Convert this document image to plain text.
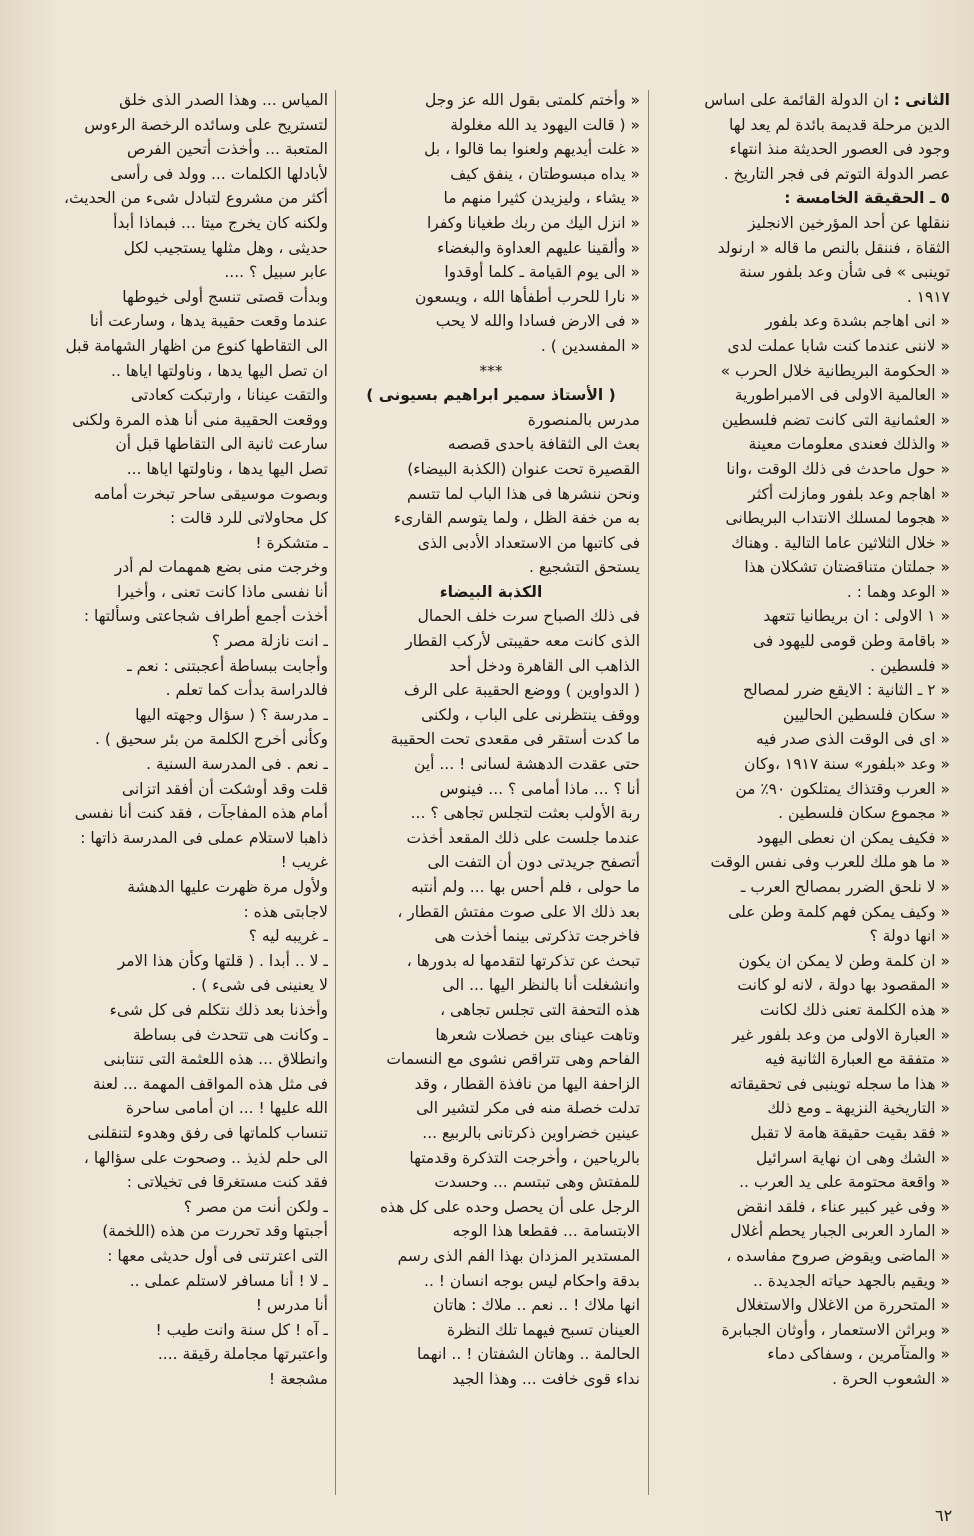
الثانى : ان الدولة القائمة على اساس

الدين مرحلة قديمة بائدة لم يعد لها

وجود فى العصور الحديثة منذ انتهاء

عصر الدولة التوتم فى فجر التاريخ .

٥ ـ الحقيقة الخامسة :

ننقلها عن أحد المؤرخين الانجليز

الثقاة ، فننقل بالنص ما قاله « ارنولد

توينبى » فى شأن وعد بلفور سنة

١٩١٧ .

« انى اهاجم بشدة وعد بلفور

« لاننى عندما كنت شابا عملت لدى

« الحكومة البريطانية خلال الحرب »

« العالمية الاولى فى الامبراطورية

« العثمانية التى كانت تضم فلسطين

« والذلك فعندى معلومات معينة

« حول ماحدث فى ذلك الوقت ،وانا

« اهاجم وعد بلفور ومازلت أكثر

« هجوما لمسلك الانتداب البريطانى

« خلال الثلاثين عاما التالية . وهناك

« جملتان متناقضتان تشكلان هذا

« الوعد وهما : .

« ١ الاولى : ان بريطانيا تتعهد

« باقامة وطن قومى لليهود فى

« فلسطين .

« ٢ ـ الثانية : الايقع ضرر لمصالح

« سكان فلسطين الحاليين

« اى فى الوقت الذى صدر فيه

« وعد «بلفور» سنة ١٩١٧ ،وكان

« العرب وقتذاك يمتلكون ٩٠٪ من

« مجموع سكان فلسطين .

« فكيف يمكن ان نعطى اليهود

« ما هو ملك للعرب وفى نفس الوقت

« لا نلحق الضرر بمصالح العرب ـ

« وكيف يمكن فهم كلمة وطن على

« انها دولة ؟

« ان كلمة وطن لا يمكن ان يكون

« المقصود بها دولة ، لانه لو كانت

« هذه الكلمة تعنى ذلك لكانت

« العبارة الاولى من وعد بلفور غير

« متفقة مع العبارة الثانية فيه

« هذا ما سجله توينبى فى تحقيقاته

« التاريخية النزيهة ـ ومع ذلك

« فقد بقيت حقيقة هامة لا تقبل

« الشك وهى ان نهاية اسرائيل

« واقعة محتومة على يد العرب ..

« وفى غير كبير عناء ، فلقد انقض

« المارد العربى الجبار يحطم أغلال

« الماضى ويقوض صروح مفاسده ،

« ويقيم بالجهد حياته الجديدة ..

« المتحررة من الاغلال والاستغلال

« وبراثن الاستعمار ، وأوثان الجبابرة

« والمتآمرين ، وسفاكى دماء

« الشعوب الحرة .

« وأختم كلمتى بقول الله عز وجل

« ( قالت اليهود يد الله مغلولة

« غلت أيديهم ولعنوا بما قالوا ، بل

« يداه مبسوطتان ، ينفق كيف

« يشاء ، وليزيدن كثيرا منهم ما

« انزل اليك من ربك طغيانا وكفرا

« وألقينا عليهم العداوة والبغضاء

« الى يوم القيامة ـ كلما أوقدوا

« نارا للحرب أطفأها الله ، ويسعون

« فى الارض فسادا والله لا يحب

« المفسدين ) .

***

( الأستاذ سمير ابراهيم بسيونى )

مدرس بالمنصورة

بعث الى الثقافة باحدى قصصه

القصيرة تحت عنوان (الكذبة البيضاء)

ونحن ننشرها فى هذا الباب لما تتسم

به من خفة الظل ، ولما يتوسم القارىء

فى كاتبها من الاستعداد الأدبى الذى

يستحق التشجيع .

الكذبة البيضاء

فى ذلك الصباح سرت خلف الحمال

الذى كانت معه حقيبتى لأركب القطار

الذاهب الى القاهرة ودخل أحد

( الدواوين ) ووضع الحقيبة على الرف

ووقف ينتظرنى على الباب ، ولكنى

ما كدت أستقر فى مقعدى تحت الحقيبة

حتى عقدت الدهشة لسانى ! ... أين

أنا ؟ ... ماذا أمامى ؟ ... فينوس

ربة الأولب بعثت لتجلس تجاهى ؟ ...

عندما جلست على ذلك المقعد أخذت

أتصفح جريدتى دون أن التفت الى

ما حولى ، فلم أحس بها ... ولم أنتبه

بعد ذلك الا على صوت مفتش القطار ،

فاخرجت تذكرتى بينما أخذت هى

تبحث عن تذكرتها لتقدمها له بدورها ،

وانشغلت أنا بالنظر اليها ... الى

هذه التحفة التى تجلس تجاهى ،

وتاهت عيناى بين خصلات شعرها

الفاحم وهى تتراقص نشوى مع النسمات

الزاحفة اليها من نافذة القطار ، وقد

تدلت خصلة منه فى مكر لتشير الى

عينين خضراوين ذكرتانى بالربيع ...

بالرياحين ، وأخرجت التذكرة وقدمتها

للمفتش وهى تبتسم ... وحسدت

الرجل على أن يحصل وحده على كل هذه

الابتسامة ... فقطعا هذا الوجه

المستدير المزدان بهذا الفم الذى رسم

بدقة واحكام ليس بوجه انسان ! ..

انها ملاك ! .. نعم .. ملاك : هاتان

العينان تسبح فيهما تلك النظرة

الحالمة .. وهاتان الشفتان ! .. انهما

نداء قوى خافت ... وهذا الجيد

المياس ... وهذا الصدر الذى خلق

لتستريح على وسائده الرخصة الرءوس

المتعبة ... وأخذت أتحين الفرص

لأبادلها الكلمات ... وولد فى رأسى

أكثر من مشروع لتبادل شىء من الحديث،

ولكنه كان يخرج ميتا ... فبماذا أبدأ

حديثى ، وهل مثلها يستجيب لكل

عابر سبيل ؟ ....

وبدأت قصتى تنسج أولى خيوطها

عندما وقعت حقيبة يدها ، وسارعت أنا

الى التقاطها كنوع من اظهار الشهامة قبل

ان تصل اليها يدها ، وناولتها اياها ..

والتقت عينانا ، وارتبكت كعادتى

ووقعت الحقيبة منى أنا هذه المرة ولكنى

سارعت ثانية الى التقاطها قبل أن

تصل اليها يدها ، وناولتها اياها ...

وبصوت موسيقى ساحر تبخرت أمامه

كل محاولاتى للرد قالت :

ـ متشكرة !

وخرجت منى بضع همهمات لم أدر

أنا نفسى ماذا كانت تعنى ، وأخيرا

أخذت أجمع أطراف شجاعتى وسألتها :

ـ انت نازلة مصر ؟

وأجابت ببساطة أعجبتنى : نعم ـ

فالدراسة بدأت كما تعلم .

ـ مدرسة ؟ ( سؤال وجهته اليها

وكأنى أخرج الكلمة من بئر سحيق ) .

ـ نعم . فى المدرسة السنية .

قلت وقد أوشكت أن أفقد اتزانى

أمام هذه المفاجآت ، فقد كنت أنا نفسى

ذاهبا لاستلام عملى فى المدرسة ذاتها :

غريب !

ولأول مرة ظهرت عليها الدهشة

لاجابتى هذه :

ـ غريبه ليه ؟

ـ لا .. أبدا . ( قلتها وكأن هذا الامر

لا يعنينى فى شىء ) .

وأخذنا بعد ذلك نتكلم فى كل شىء

ـ وكانت هى تتحدث فى بساطة

وانطلاق ... هذه اللعثمة التى تنتابنى

فى مثل هذه المواقف المهمة ... لعنة

الله عليها ! ... ان أمامى ساحرة

تنساب كلماتها فى رفق وهدوء لتنقلنى

الى حلم لذيذ .. وصحوت على سؤالها ،

فقد كنت مستغرقا فى تخيلاتى :

ـ ولكن أنت من مصر ؟

أجبتها وقد تحررت من هذه (اللخمة)

التى اعترتنى فى أول حديثى معها :

ـ لا ! أنا مسافر لاستلم عملى ..

أنا مدرس !

ـ آه ! كل سنة وانت طيب !

واعتبرتها مجاملة رقيقة ....

مشجعة !

٦٢
